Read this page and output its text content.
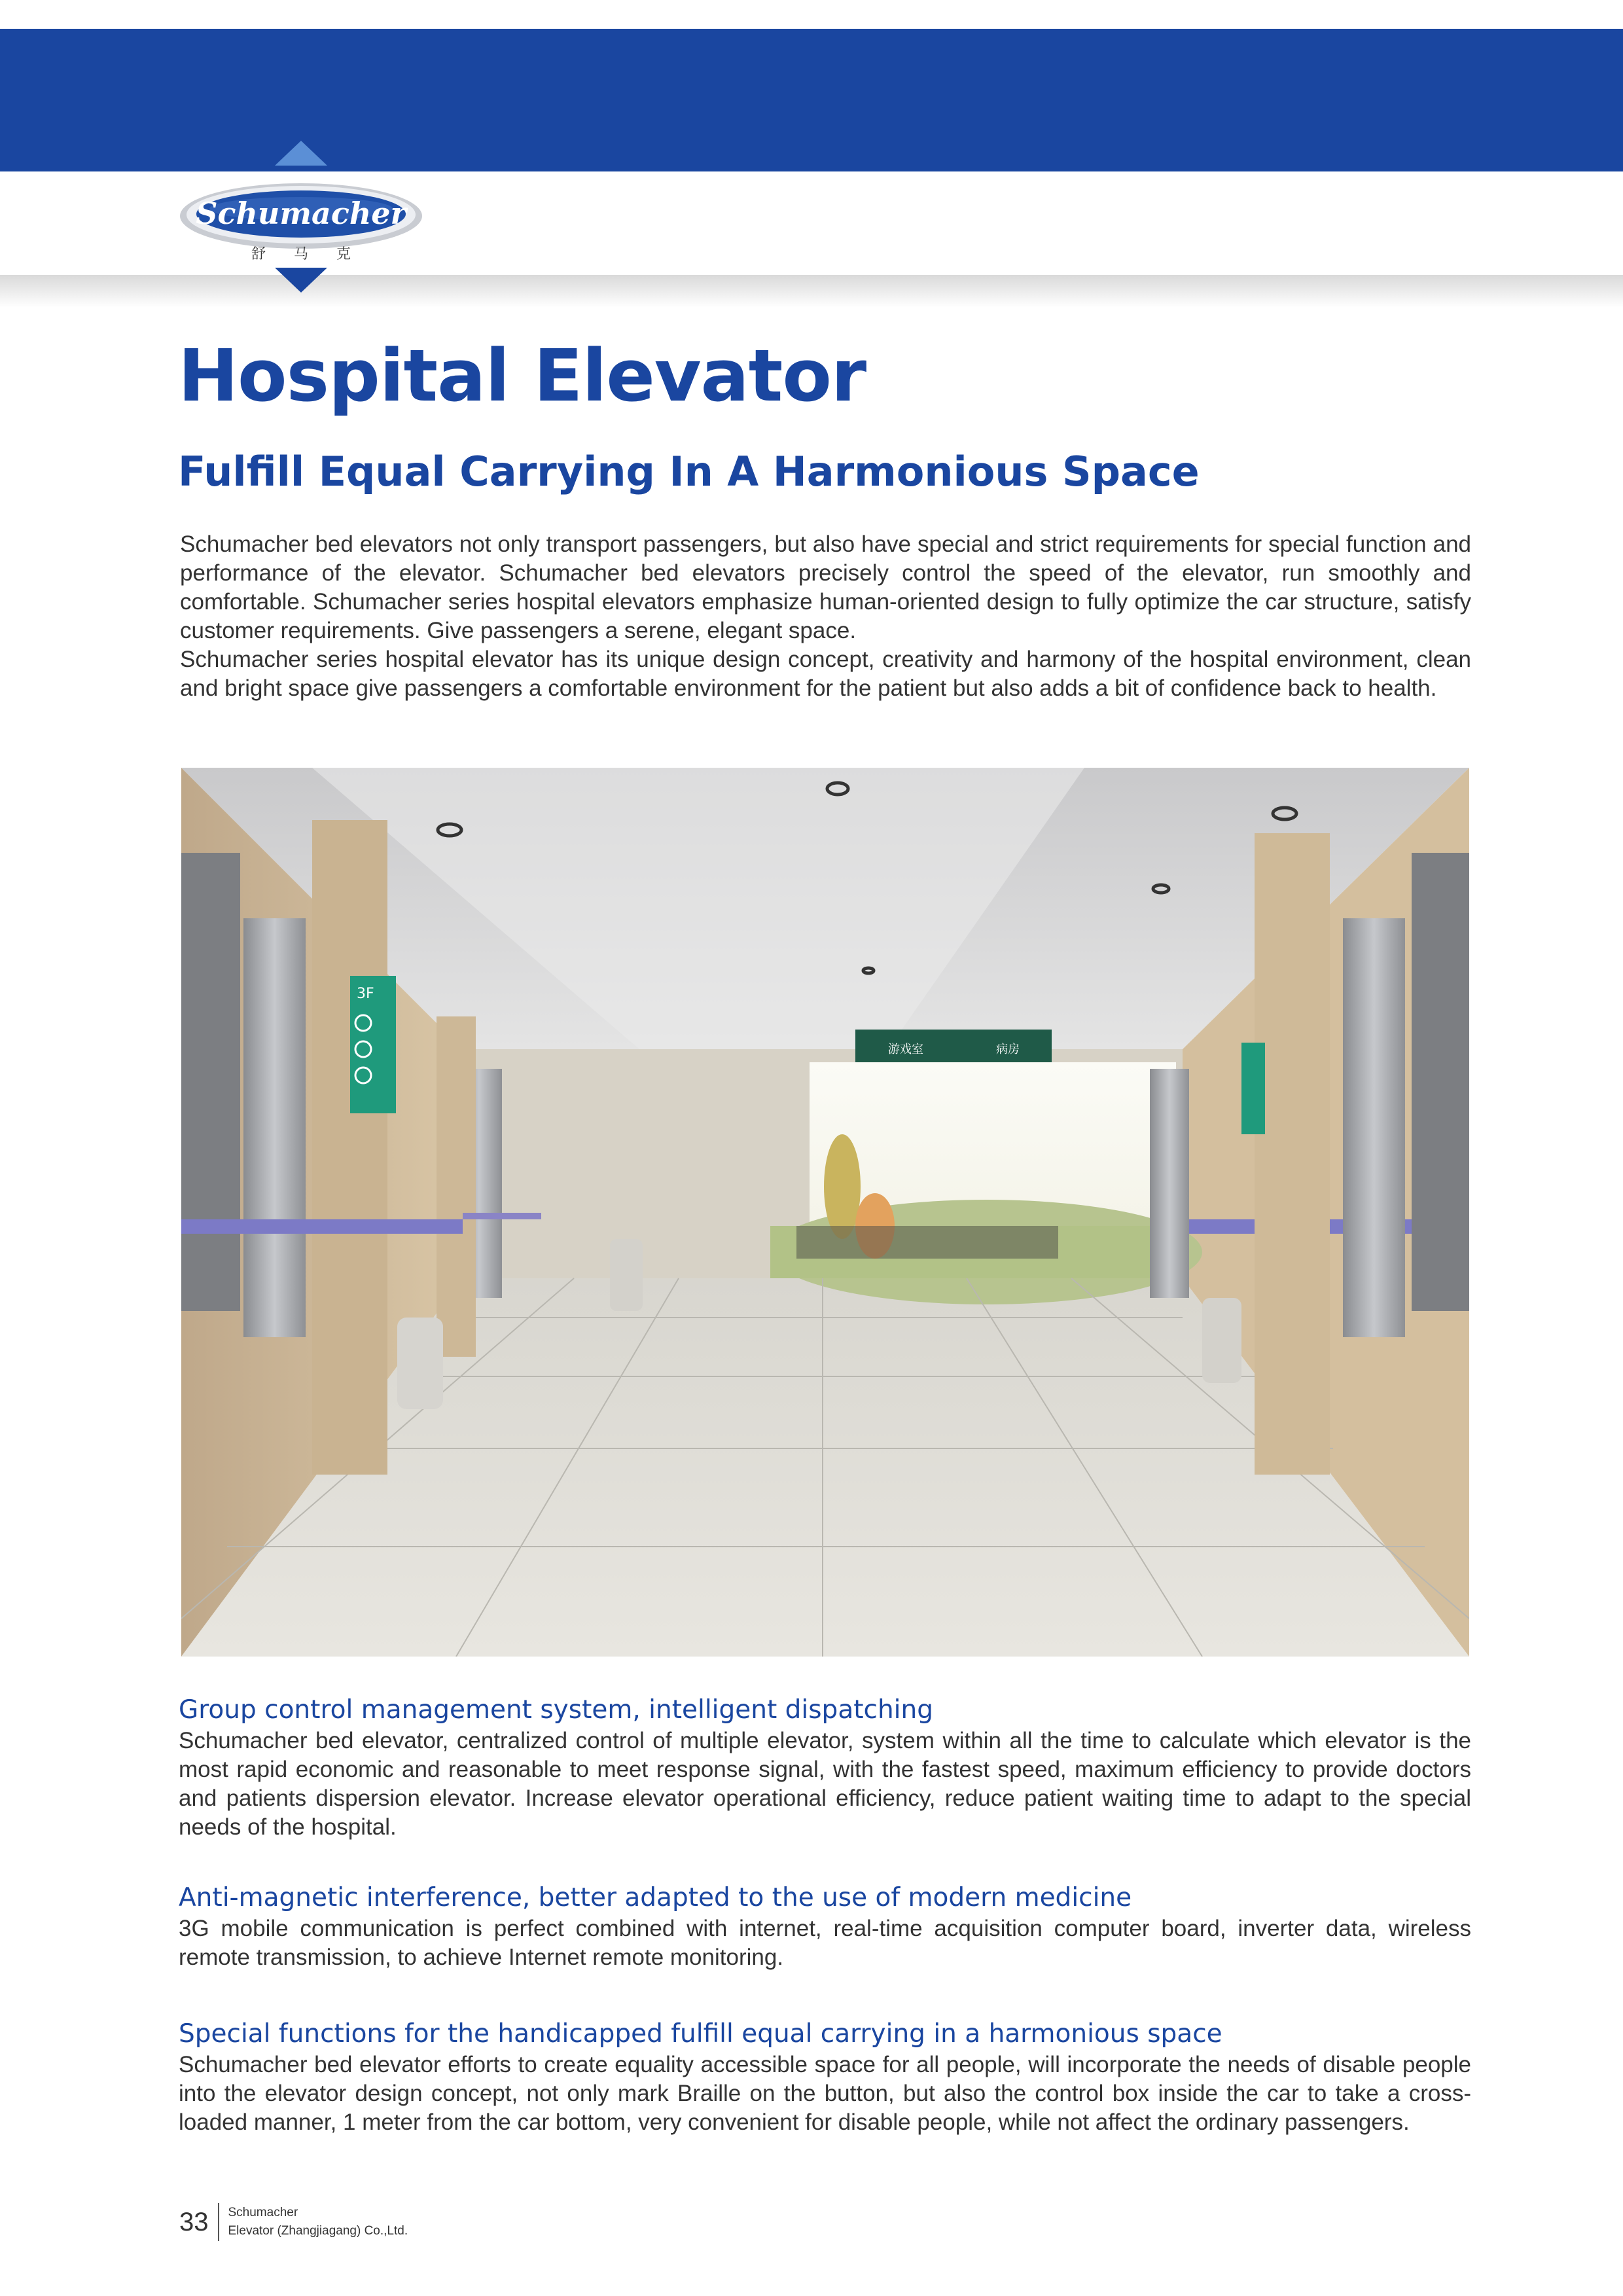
Schumacher
舒 马 克
Hospital Elevator
Fulfill Equal Carrying In A Harmonious Space

Schumacher bed elevators not only transport passengers, but also have special and strict requirements for special function and performance of the elevator. Schumacher bed elevators precisely control the speed of the elevator, run smoothly and comfortable. Schumacher series hospital elevators emphasize human-oriented design to fully optimize the car structure, satisfy customer requirements. Give passengers a serene, elegant space.

Schumacher series hospital elevator has its unique design concept, creativity and harmony of the hospital environment, clean and bright space give passengers a comfortable environment for the patient but also adds a bit of confidence back to health.

3F
游戏室	病房
Group control management system, intelligent dispatching

Schumacher bed elevator, centralized control of multiple elevator, system within all the time to calculate which elevator is the most rapid economic and reasonable to meet response signal, with the fastest speed, maximum efficiency to provide doctors and patients dispersion elevator. Increase elevator operational efficiency, reduce patient waiting time to adapt to the special needs of the hospital.

Anti-magnetic interference, better adapted to the use of modern medicine

3G mobile communication is perfect combined with internet, real-time acquisition computer board, inverter data, wireless remote transmission, to achieve Internet remote monitoring.

Special functions for the handicapped fulfill equal carrying in a harmonious space

Schumacher bed elevator efforts to create equality accessible space for all people, will incorporate the needs of disable people into the elevator design concept, not only mark Braille on the button, but also the control box inside the car to take a cross-loaded manner, 1 meter from the car bottom, very convenient for disable people, while not affect the ordinary passengers.

33	Schumacher
Elevator (Zhangjiagang) Co.,Ltd.
